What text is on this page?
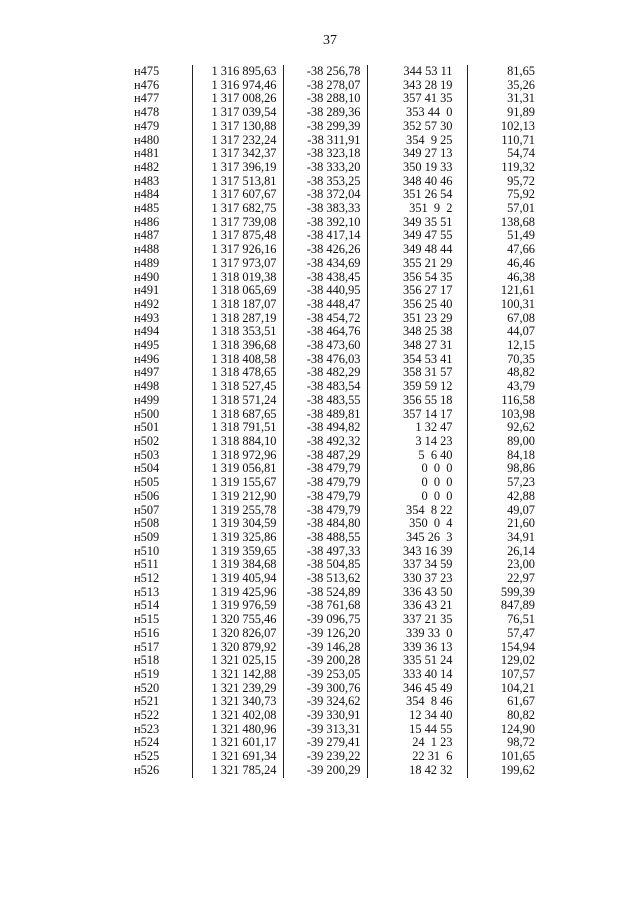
37
н475	1 316 895,63	-38 256,78	344 53 11	81,65
н476	1 316 974,46	-38 278,07	343 28 19	35,26
н477	1 317 008,26	-38 288,10	357 41 35	31,31
н478	1 317 039,54	-38 289,36	353 44  0	91,89
н479	1 317 130,88	-38 299,39	352 57 30	102,13
н480	1 317 232,24	-38 311,91	354  9 25	110,71
н481	1 317 342,37	-38 323,18	349 27 13	54,74
н482	1 317 396,19	-38 333,20	350 19 33	119,32
н483	1 317 513,81	-38 353,25	348 40 46	95,72
н484	1 317 607,67	-38 372,04	351 26 54	75,92
н485	1 317 682,75	-38 383,33	351  9  2	57,01
н486	1 317 739,08	-38 392,10	349 35 51	138,68
н487	1 317 875,48	-38 417,14	349 47 55	51,49
н488	1 317 926,16	-38 426,26	349 48 44	47,66
н489	1 317 973,07	-38 434,69	355 21 29	46,46
н490	1 318 019,38	-38 438,45	356 54 35	46,38
н491	1 318 065,69	-38 440,95	356 27 17	121,61
н492	1 318 187,07	-38 448,47	356 25 40	100,31
н493	1 318 287,19	-38 454,72	351 23 29	67,08
н494	1 318 353,51	-38 464,76	348 25 38	44,07
н495	1 318 396,68	-38 473,60	348 27 31	12,15
н496	1 318 408,58	-38 476,03	354 53 41	70,35
н497	1 318 478,65	-38 482,29	358 31 57	48,82
н498	1 318 527,45	-38 483,54	359 59 12	43,79
н499	1 318 571,24	-38 483,55	356 55 18	116,58
н500	1 318 687,65	-38 489,81	357 14 17	103,98
н501	1 318 791,51	-38 494,82	1 32 47	92,62
н502	1 318 884,10	-38 492,32	3 14 23	89,00
н503	1 318 972,96	-38 487,29	5  6 40	84,18
н504	1 319 056,81	-38 479,79	0  0  0	98,86
н505	1 319 155,67	-38 479,79	0  0  0	57,23
н506	1 319 212,90	-38 479,79	0  0  0	42,88
н507	1 319 255,78	-38 479,79	354  8 22	49,07
н508	1 319 304,59	-38 484,80	350  0  4	21,60
н509	1 319 325,86	-38 488,55	345 26  3	34,91
н510	1 319 359,65	-38 497,33	343 16 39	26,14
н511	1 319 384,68	-38 504,85	337 34 59	23,00
н512	1 319 405,94	-38 513,62	330 37 23	22,97
н513	1 319 425,96	-38 524,89	336 43 50	599,39
н514	1 319 976,59	-38 761,68	336 43 21	847,89
н515	1 320 755,46	-39 096,75	337 21 35	76,51
н516	1 320 826,07	-39 126,20	339 33  0	57,47
н517	1 320 879,92	-39 146,28	339 36 13	154,94
н518	1 321 025,15	-39 200,28	335 51 24	129,02
н519	1 321 142,88	-39 253,05	333 40 14	107,57
н520	1 321 239,29	-39 300,76	346 45 49	104,21
н521	1 321 340,73	-39 324,62	354  8 46	61,67
н522	1 321 402,08	-39 330,91	12 34 40	80,82
н523	1 321 480,96	-39 313,31	15 44 55	124,90
н524	1 321 601,17	-39 279,41	24  1 23	98,72
н525	1 321 691,34	-39 239,22	22 31  6	101,65
н526	1 321 785,24	-39 200,29	18 42 32	199,62
